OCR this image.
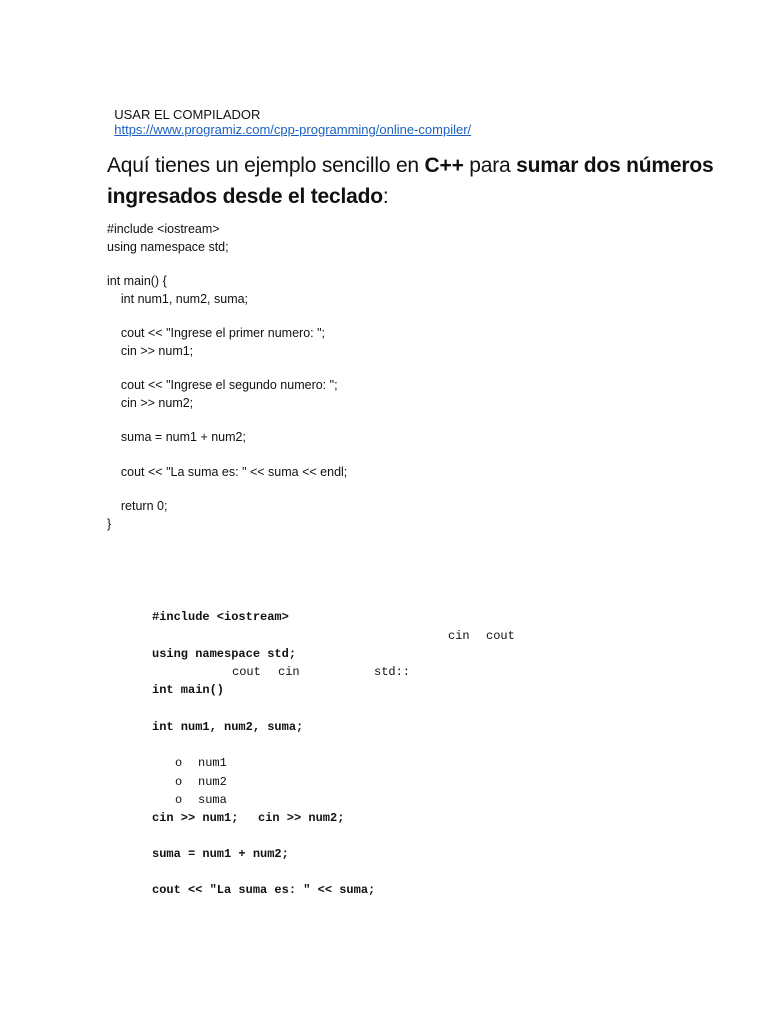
USAR EL COMPILADOR
https://www.programiz.com/cpp-programming/online-compiler/

Aquí tienes un ejemplo sencillo en C++ para sumar dos números ingresados desde el teclado:
#include <iostream>
using namespace std;
int main() {
int num1, num2, suma;
cout << "Ingrese el primer numero: ";
cin >> num1;
cout << "Ingrese el segundo numero: ";
cin >> num2;
suma = num1 + num2;
cout << "La suma es: " << suma << endl;
return 0;
}
#include <iostream>
cin cout
using namespace std;
cout cin	std::
int main()
int num1, num2, suma;
o num1
o num2
o suma
cin >> num1; cin >> num2;
suma = num1 + num2;
cout << "La suma es: " << suma;
